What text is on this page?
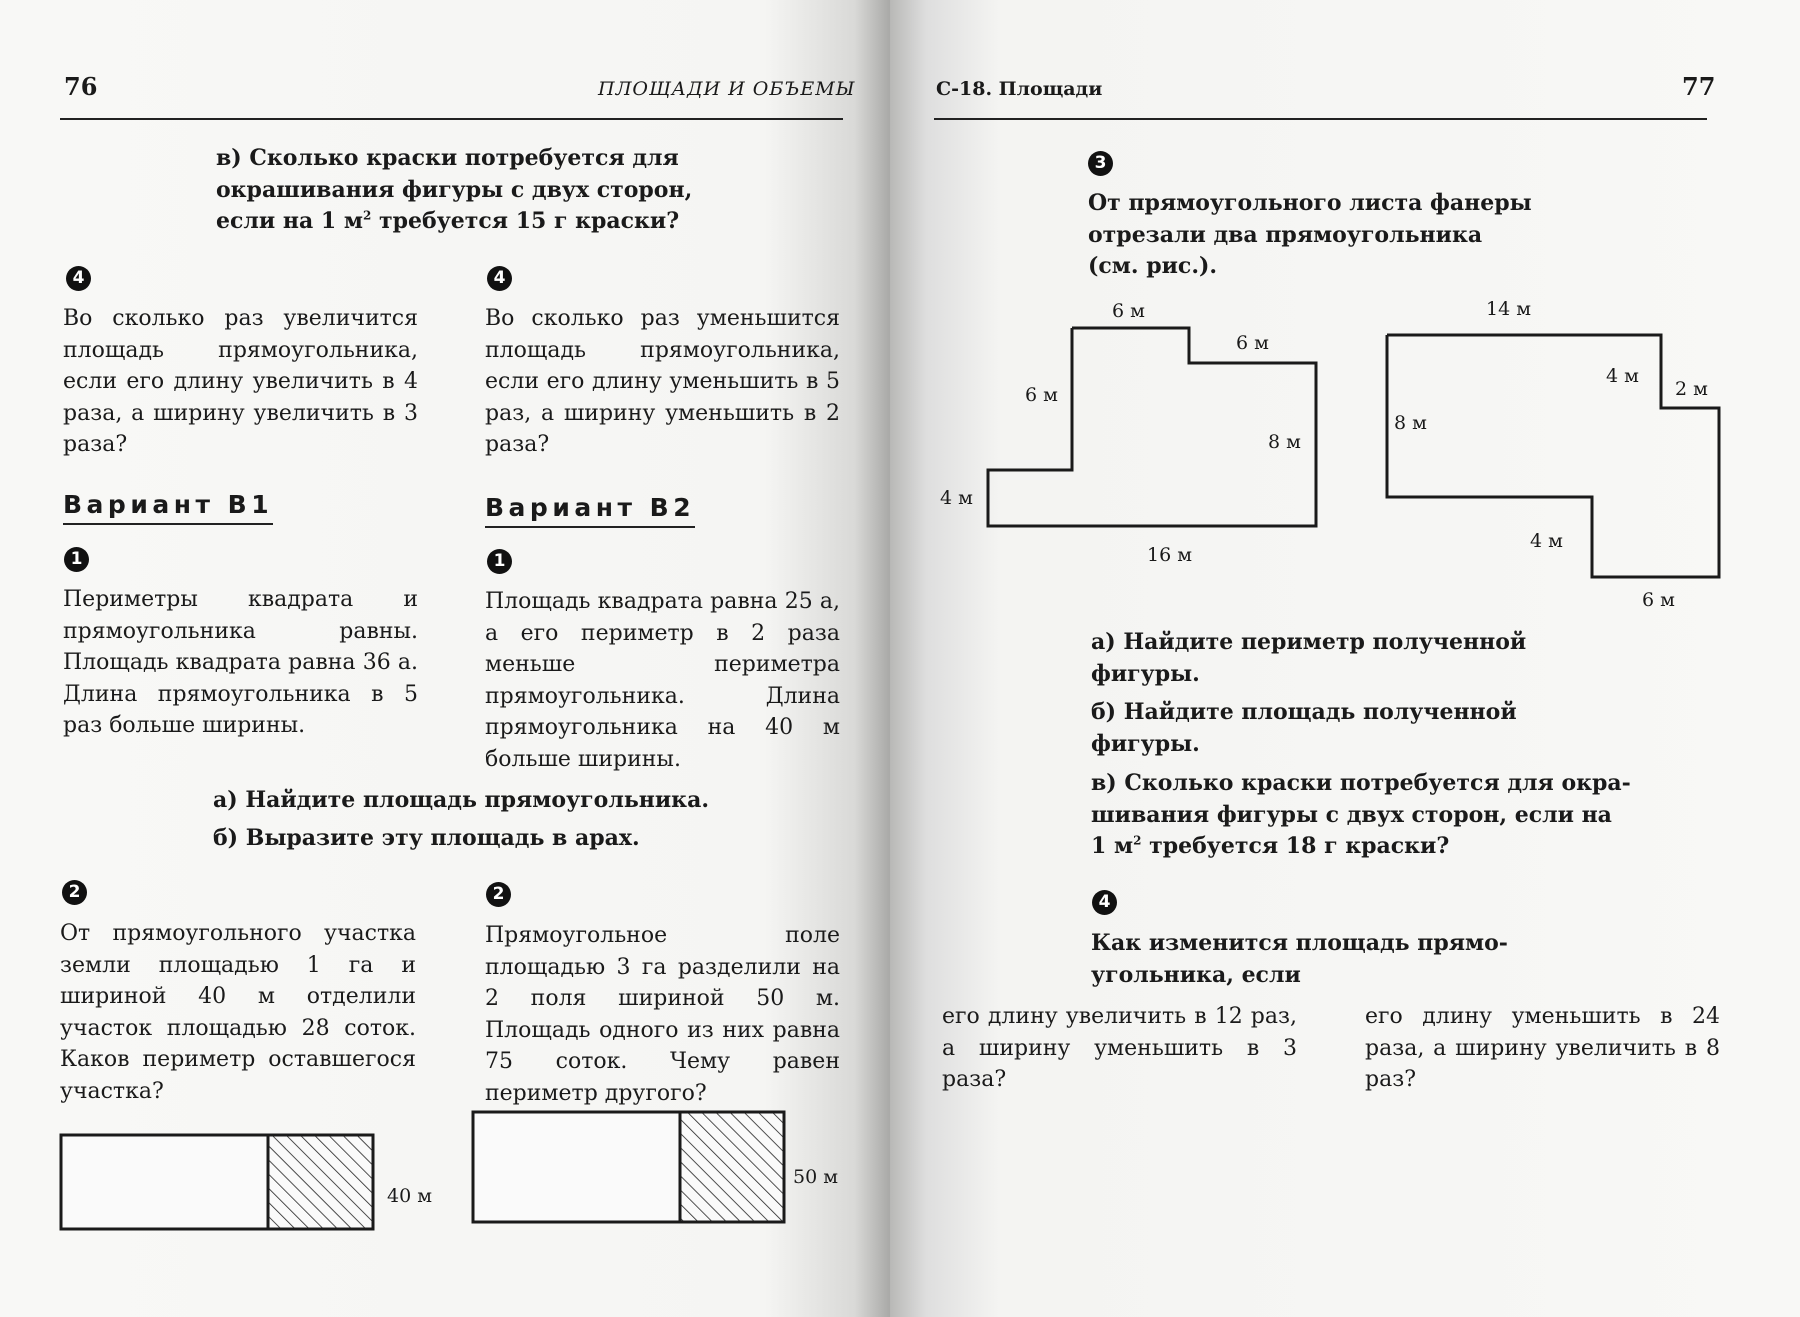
76	ПЛОЩАДИ И ОБЪЕМЫ
в) Сколько краски потребуется для
окрашивания фигуры с двух сторон,
если на 1 $м^2$ требуется 15 г краски?
4
Во сколько раз увеличится площадь прямоугольника, если его длину увеличить в 4 раза, а ширину увеличить в 3 раза?
4
Во сколько раз уменьшится площадь прямоугольника, если его длину уменьшить в 5 раз, а ширину уменьшить в 2 раза?
Вариант В1	Вариант В2
1
Периметры квадрата и прямоугольника равны. Площадь квадрата равна 36 а. Длина прямоугольника в 5 раз больше ширины.
1
Площадь квадрата равна 25 а, а его периметр в 2 раза меньше периметра прямоугольника. Длина прямоугольника на 40 м больше ширины.
а) Найдите площадь прямоугольника.
б) Выразите эту площадь в арах.
2
От прямоугольного участка земли площадью 1 га и шириной 40 м отделили участок площадью 28 соток. Каков периметр оставшегося участка?
2
Прямоугольное поле площадью 3 га разделили на 2 поля шириной 50 м. Площадь одного из них равна 75 соток. Чему равен периметр другого?
40 м
50 м
С-18. Площади	77
3
От прямоугольного листа фанеры
отрезали два прямоугольника
(см. рис.).
6 м
6 м
6 м
8 м
4 м
16 м
14 м
4 м
2 м
8 м
4 м
6 м
а) Найдите периметр полученной
фигуры.
б) Найдите площадь полученной
фигуры.
в) Сколько краски потребуется для окра-
шивания фигуры с двух сторон, если на
1 $м^2$ требуется 18 г краски?
4
Как изменится площадь прямо-
угольника, если
его длину увеличить в 12 раз, а ширину уменьшить в 3 раза?
его длину уменьшить в 24 раза, а ширину увеличить в 8 раз?
